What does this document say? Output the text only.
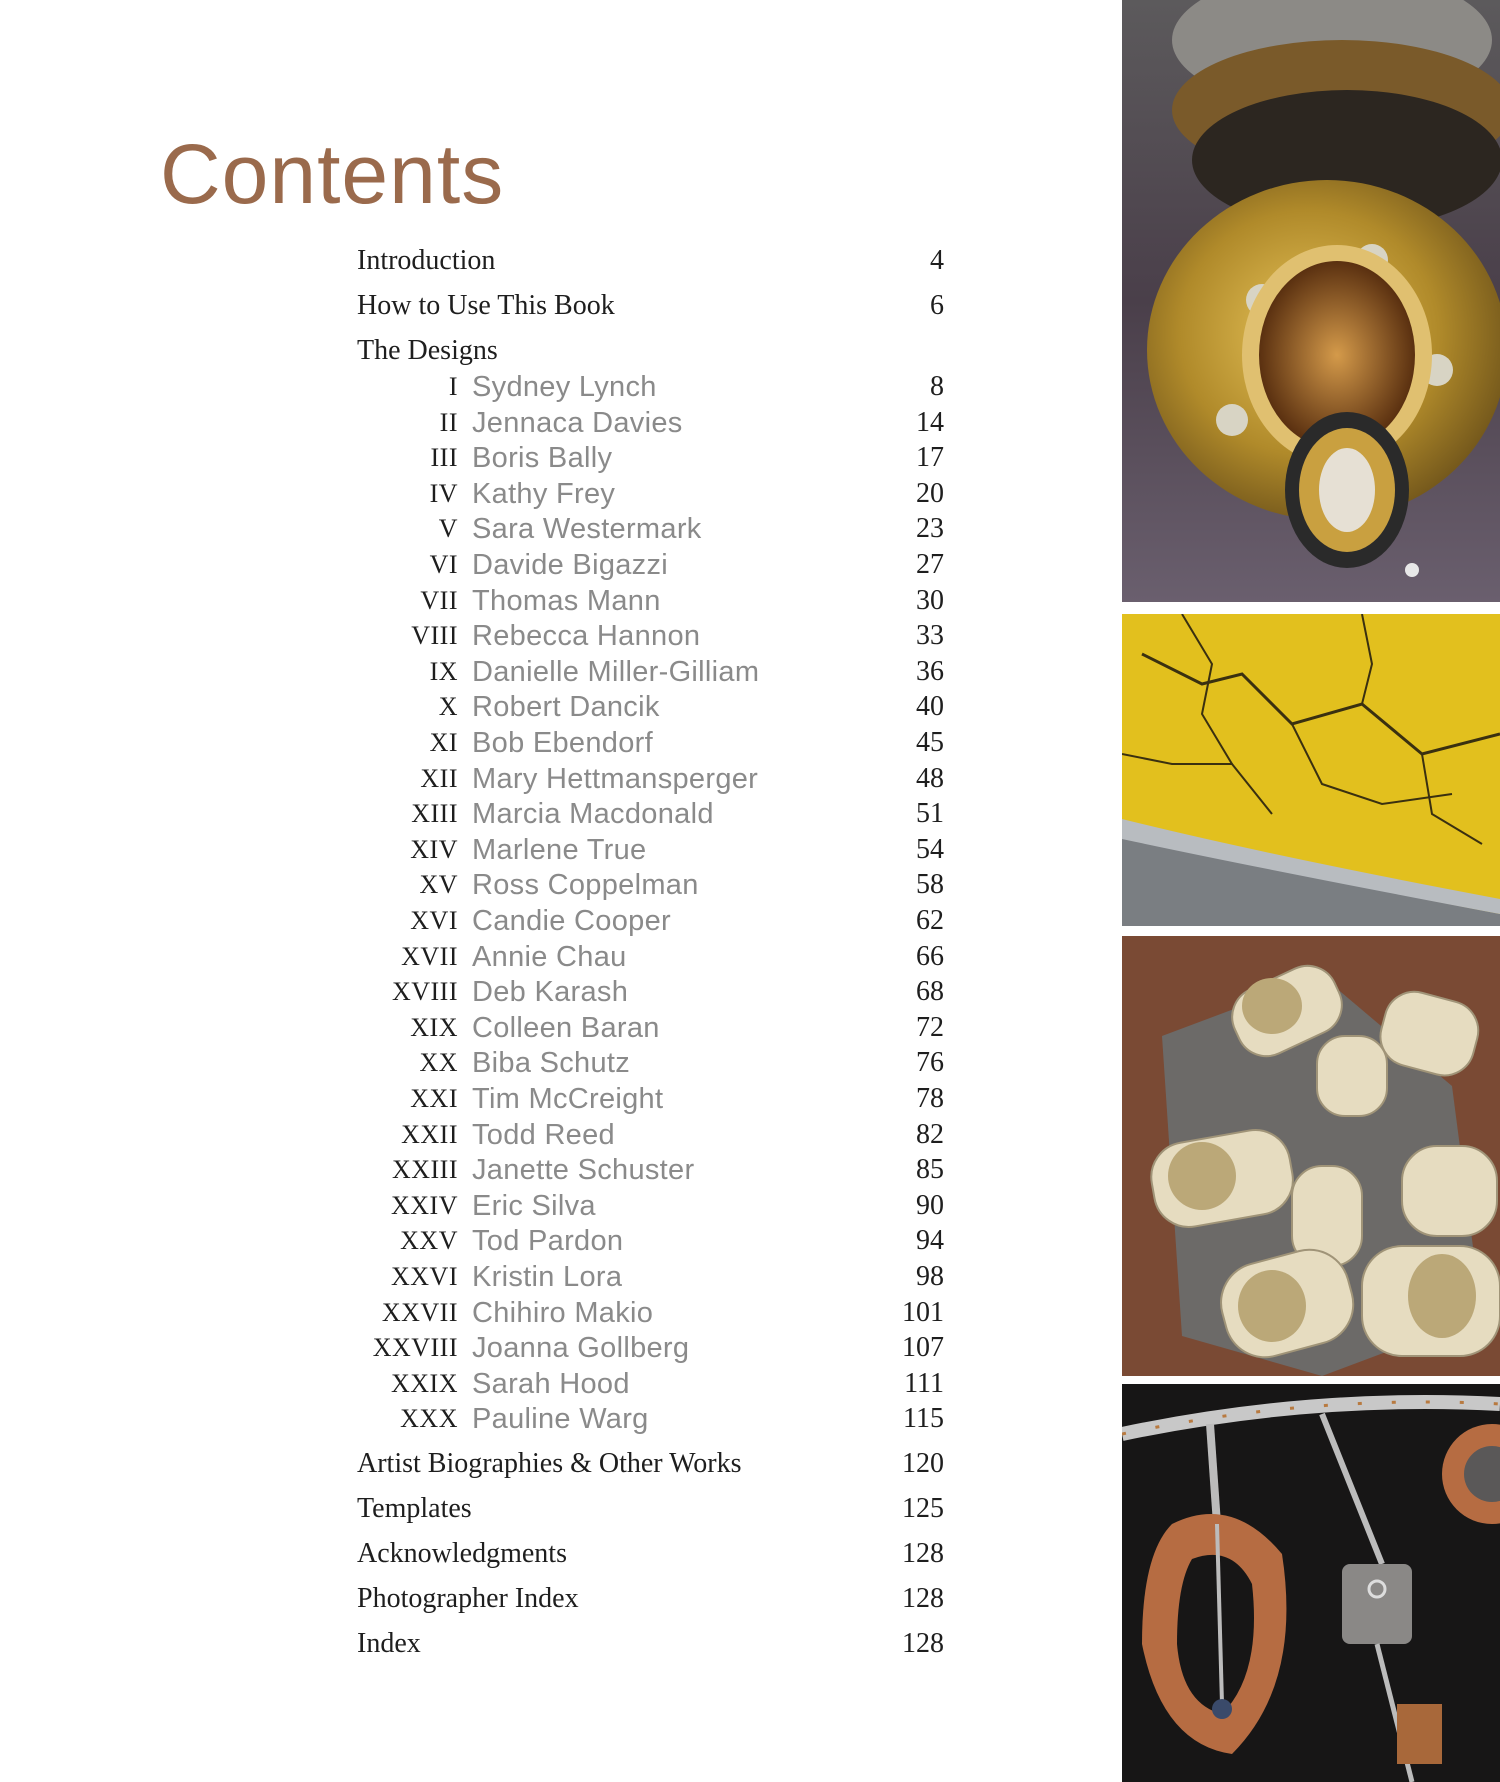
Contents
Introduction	4
How to Use This Book	6
The Designs
I Sydney Lynch	8
II Jennaca Davies	14
III Boris Bally	17
IV Kathy Frey	20
V Sara Westermark	23
VI Davide Bigazzi	27
VII Thomas Mann	30
VIII Rebecca Hannon	33
IX Danielle Miller-Gilliam	36
X Robert Dancik	40
XI Bob Ebendorf	45
XII Mary Hettmansperger	48
XIII Marcia Macdonald	51
XIV Marlene True	54
XV Ross Coppelman	58
XVI Candie Cooper	62
XVII Annie Chau	66
XVIII Deb Karash	68
XIX Colleen Baran	72
XX Biba Schutz	76
XXI Tim McCreight	78
XXII Todd Reed	82
XXIII Janette Schuster	85
XXIV Eric Silva	90
XXV Tod Pardon	94
XXVI Kristin Lora	98
XXVII Chihiro Makio	101
XXVIII Joanna Gollberg	107
XXIX Sarah Hood	111
XXX Pauline Warg	115
Artist Biographies & Other Works	120
Templates	125
Acknowledgments	128
Photographer Index	128
Index	128
